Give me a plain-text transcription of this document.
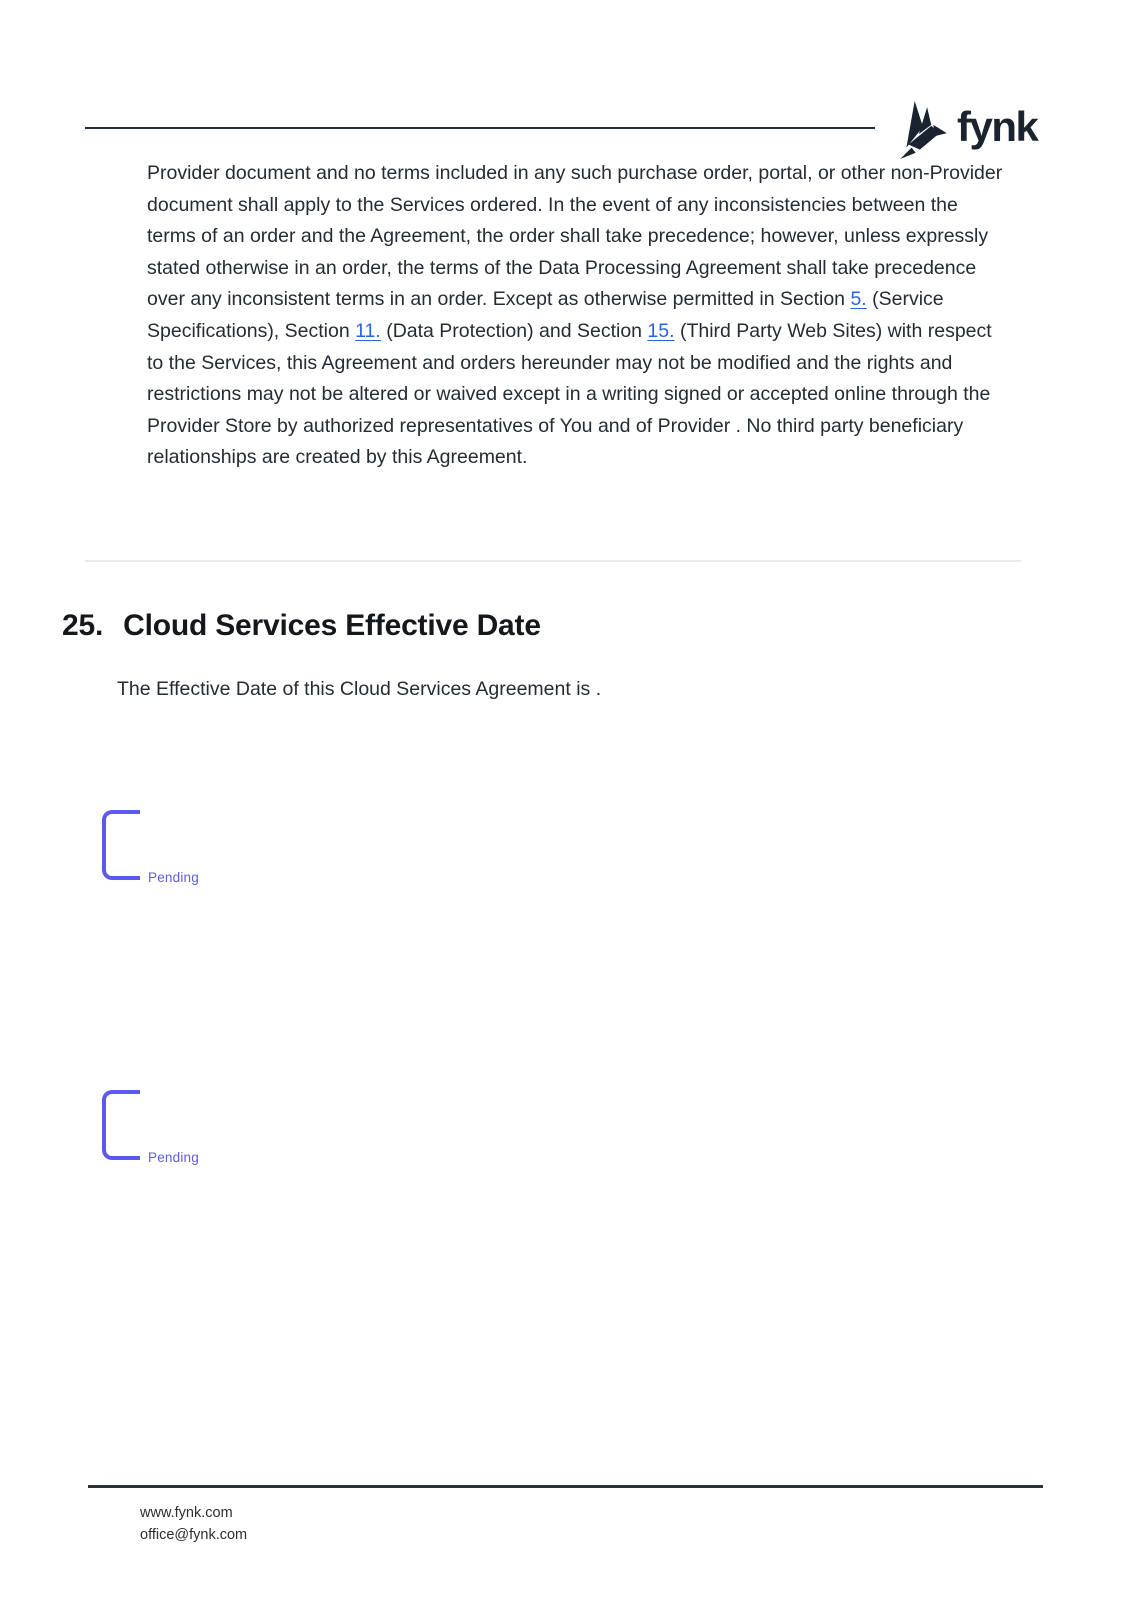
fynk

Provider document and no terms included in any such purchase order, portal, or other non-Provider document shall apply to the Services ordered. In the event of any inconsistencies between the terms of an order and the Agreement, the order shall take precedence; however, unless expressly stated otherwise in an order, the terms of the Data Processing Agreement shall take precedence over any inconsistent terms in an order. Except as otherwise permitted in Section 5. (Service Specifications), Section 11. (Data Protection) and Section 15. (Third Party Web Sites) with respect to the Services, this Agreement and orders hereunder may not be modified and the rights and restrictions may not be altered or waived except in a writing signed or accepted online through the Provider Store by authorized representatives of You and of Provider . No third party beneficiary relationships are created by this Agreement.

25. Cloud Services Effective Date

The Effective Date of this Cloud Services Agreement is .

Pending
Pending
www.fynk.com
office@fynk.com
